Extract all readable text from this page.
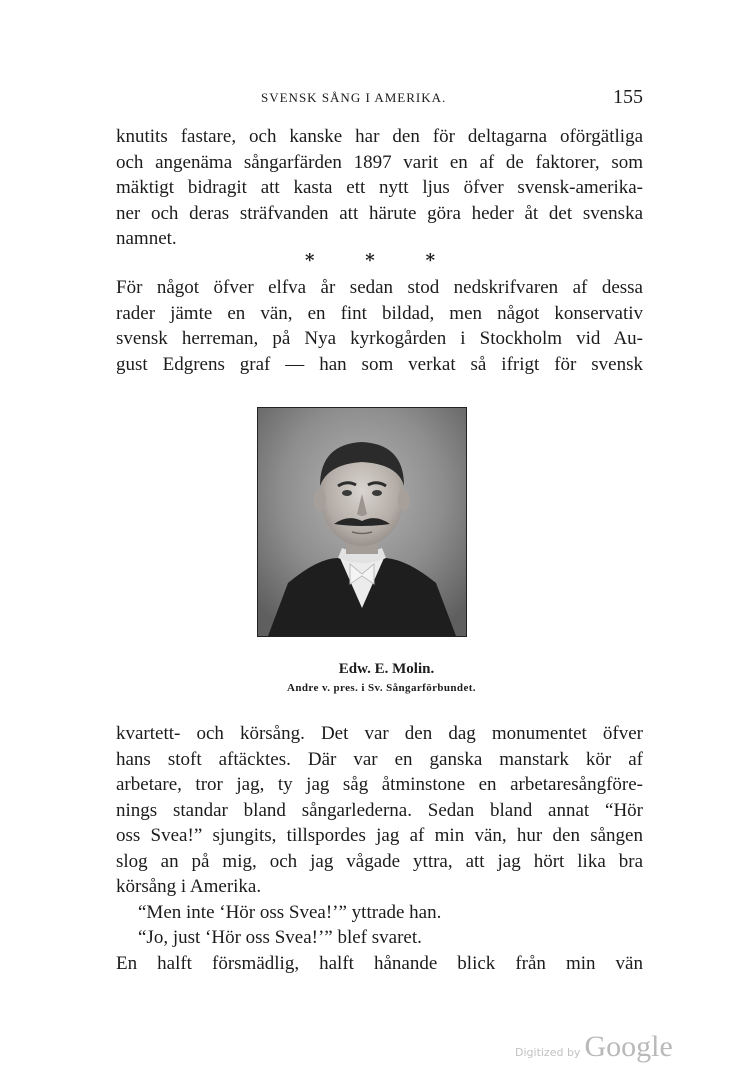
SVENSK SÅNG I AMERIKA.	155
knutits fastare, och kanske har den för deltagarna oförgätliga
och angenäma sångarfärden 1897 varit en af de faktorer, som
mäktigt bidragit att kasta ett nytt ljus öfver svensk-amerika-
ner och deras sträfvanden att härute göra heder åt det svenska
namnet.
*	*	*
För något öfver elfva år sedan stod nedskrifvaren af dessa
rader jämte en vän, en fint bildad, men något konservativ
svensk herreman, på Nya kyrkogården i Stockholm vid Au-
gust Edgrens graf — han som verkat så ifrigt för svensk
Edw. E. Molin.
Andre v. pres. i Sv. Sångarförbundet.
kvartett- och körsång. Det var den dag monumentet öfver
hans stoft aftäcktes. Där var en ganska manstark kör af
arbetare, tror jag, ty jag såg åtminstone en arbetaresångföre-
nings standar bland sångarlederna. Sedan bland annat “Hör
oss Svea!” sjungits, tillspordes jag af min vän, hur den sången
slog an på mig, och jag vågade yttra, att jag hört lika bra
körsång i Amerika.
“Men inte ‘Hör oss Svea!’” yttrade han.
“Jo, just ‘Hör oss Svea!’” blef svaret.
En halft försmädlig, halft hånande blick från min vän
Digitized by Google
